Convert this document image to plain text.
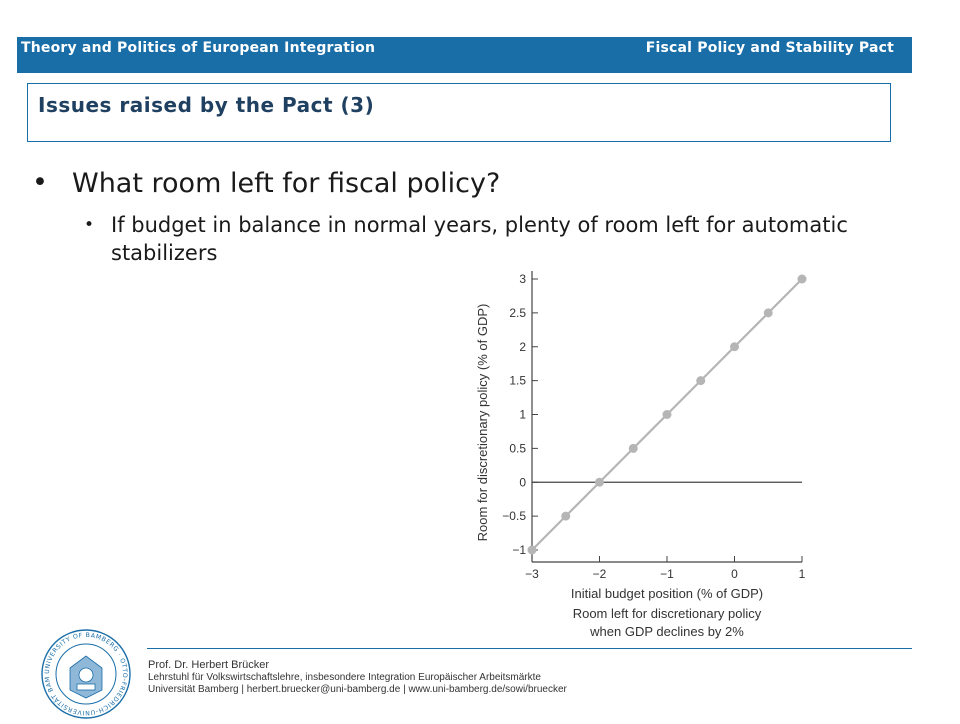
Theory and Politics of European Integration	Fiscal Policy and Stability Pact
Issues raised by the Pact (3)
• What room left for fiscal policy?
• If budget in balance in normal years, plenty of room left for automatic stabilizers
−1
−0.5
0
0.5
1
1.5
2
2.5
3
−3	−2	−1	0	1
Room for discretionary policy (% of GDP)
Initial budget position (% of GDP)
Room left for discretionary policy
when GDP declines by 2%
UNIVERSITY OF BAMBERG · OTTO-FRIEDRICH-UNIVERSITÄT BAM
Prof. Dr. Herbert Brücker
Lehrstuhl für Volkswirtschaftslehre, insbesondere Integration Europäischer Arbeitsmärkte
Universität Bamberg | herbert.bruecker@uni-bamberg.de | www.uni-bamberg.de/sowi/bruecker
